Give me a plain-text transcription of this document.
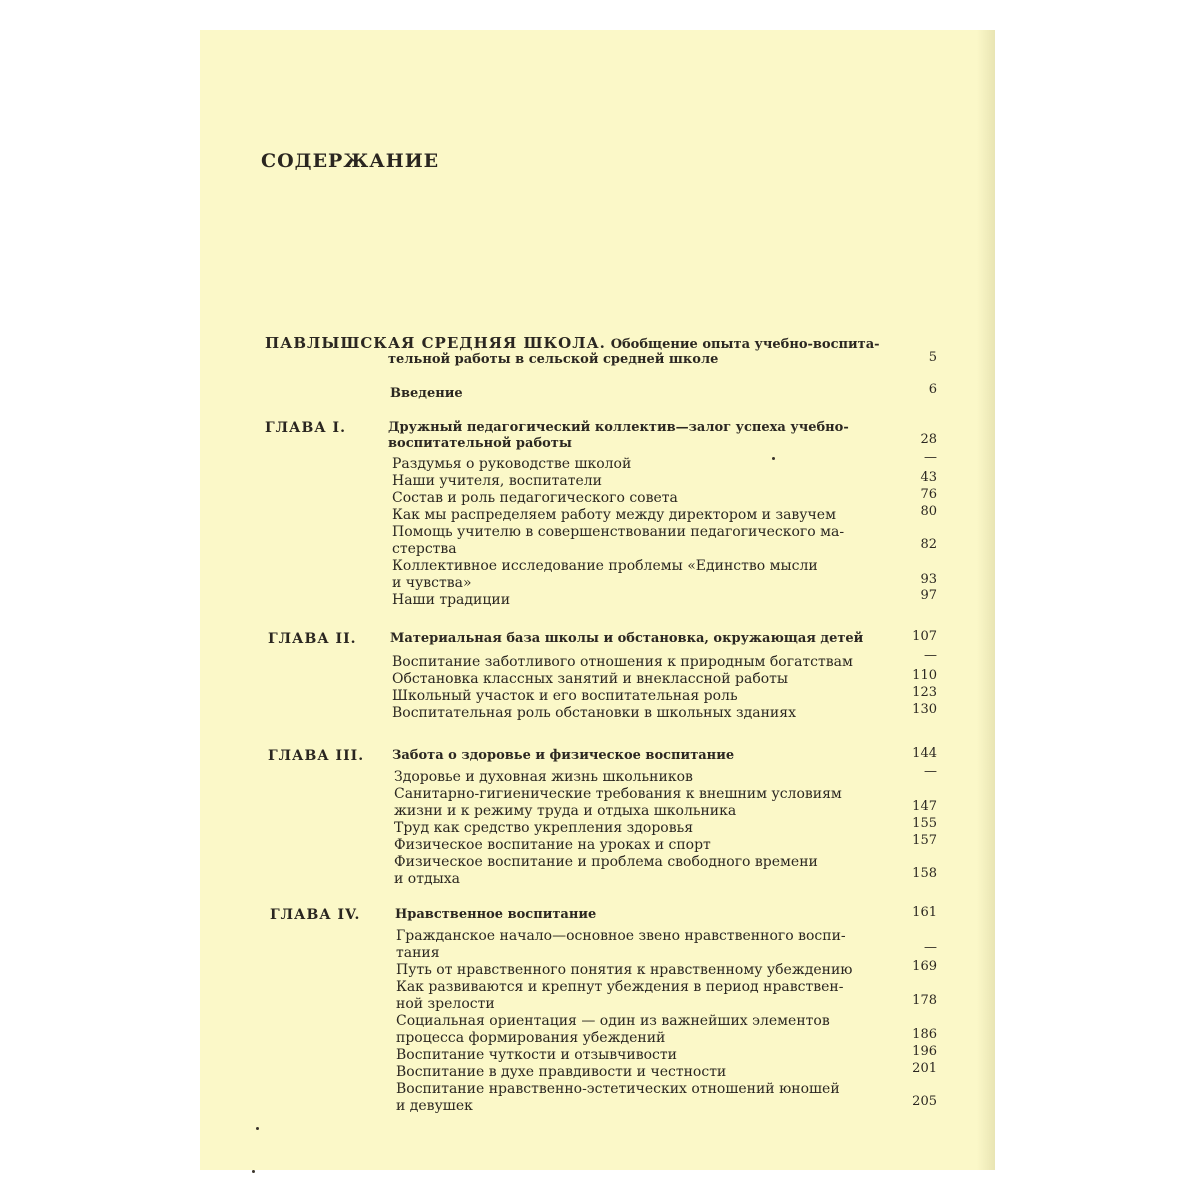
СОДЕРЖАНИЕ
ПАВЛЫШСКАЯ СРЕДНЯЯ ШКОЛА. Обобщение опыта учебно-воспита-
тельной работы в сельской средней школе	5
Введение	6
ГЛАВА I.	Дружный педагогический коллектив—залог успеха учебно-
воспитательной работы	28
Раздумья о руководстве школой	—
Наши учителя, воспитатели	43
Состав и роль педагогического совета	76
Как мы распределяем работу между директором и завучем	80
Помощь учителю в совершенствовании педагогического ма-
стерства	82
Коллективное исследование проблемы «Единство мысли
и чувства»	93
Наши традиции	97
ГЛАВА II.	Материальная база школы и обстановка, окружающая детей	107
Воспитание заботливого отношения к природным богатствам	—
Обстановка классных занятий и внеклассной работы	110
Школьный участок и его воспитательная роль	123
Воспитательная роль обстановки в школьных зданиях	130
ГЛАВА III. Забота о здоровье и физическое воспитание	144
Здоровье и духовная жизнь школьников	—
Санитарно-гигиенические требования к внешним условиям
жизни и к режиму труда и отдыха школьника	147
Труд как средство укрепления здоровья	155
Физическое воспитание на уроках и спорт	157
Физическое воспитание и проблема свободного времени
и отдыха	158
ГЛАВА IV.	Нравственное воспитание	161
Гражданское начало—основное звено нравственного воспи-
тания	—
Путь от нравственного понятия к нравственному убеждению	169
Как развиваются и крепнут убеждения в период нравствен-
ной зрелости	178
Социальная ориентация — один из важнейших элементов
процесса формирования убеждений	186
Воспитание чуткости и отзывчивости	196
Воспитание в духе правдивости и честности	201
Воспитание нравственно-эстетических отношений юношей
и девушек	205
